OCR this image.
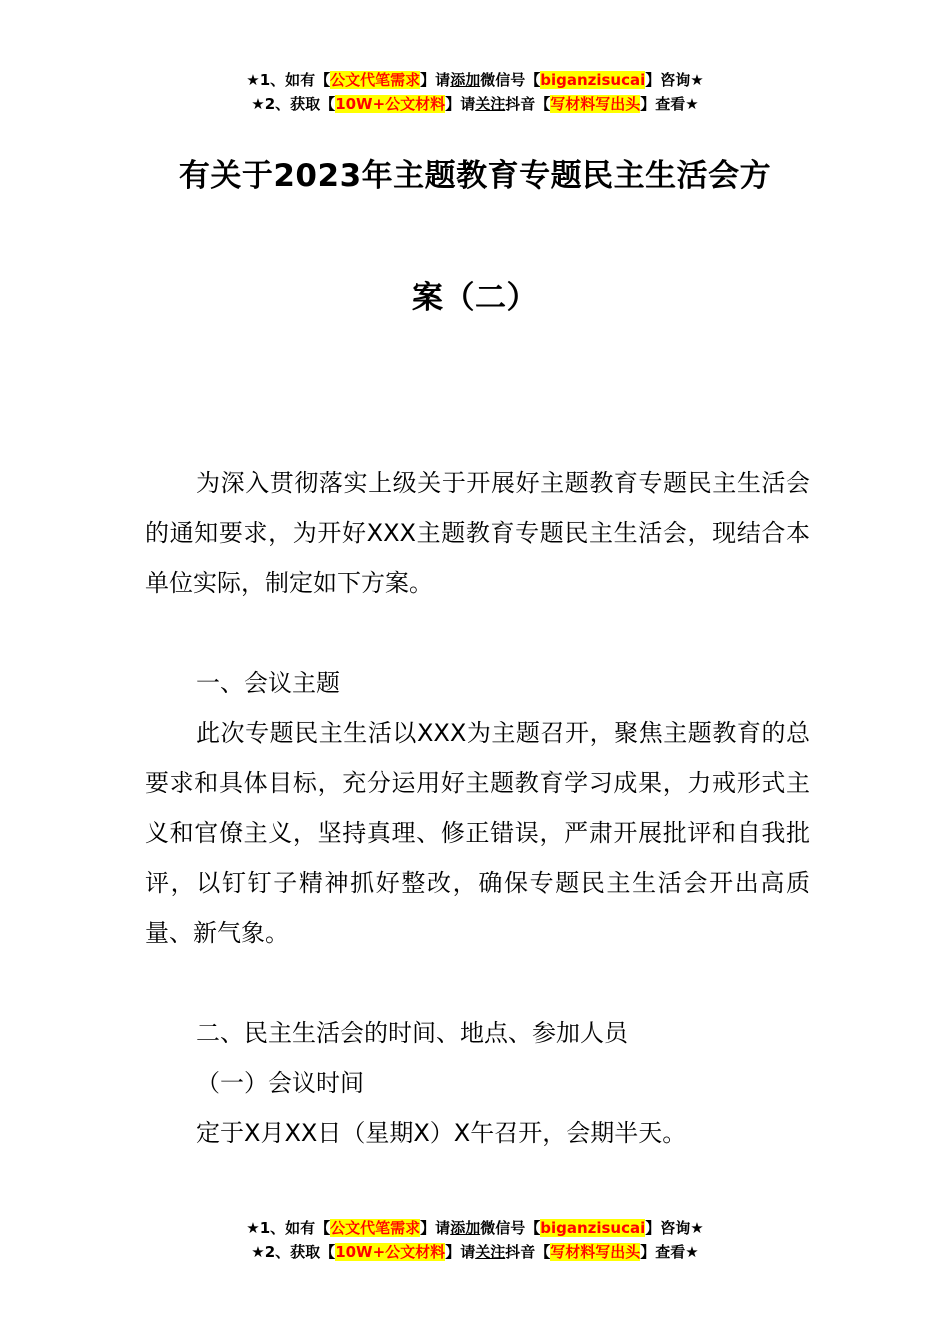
★1、如有【公文代笔需求】请添加微信号【biganzisucai】咨询★
★2、获取【10W+公文材料】请关注抖音【写材料写出头】查看★
有关于2023年主题教育专题民主生活会方
案（二）

为深入贯彻落实上级关于开展好主题教育专题民主生活会的通知要求，为开好XXX主题教育专题民主生活会，现结合本单位实际，制定如下方案。

一、会议主题

此次专题民主生活以XXX为主题召开，聚焦主题教育的总要求和具体目标，充分运用好主题教育学习成果，力戒形式主义和官僚主义，坚持真理、修正错误，严肃开展批评和自我批评，以钉钉子精神抓好整改，确保专题民主生活会开出高质量、新气象。

二、民主生活会的时间、地点、参加人员

（一）会议时间

定于X月XX日（星期X）X午召开，会期半天。

★1、如有【公文代笔需求】请添加微信号【biganzisucai】咨询★
★2、获取【10W+公文材料】请关注抖音【写材料写出头】查看★
